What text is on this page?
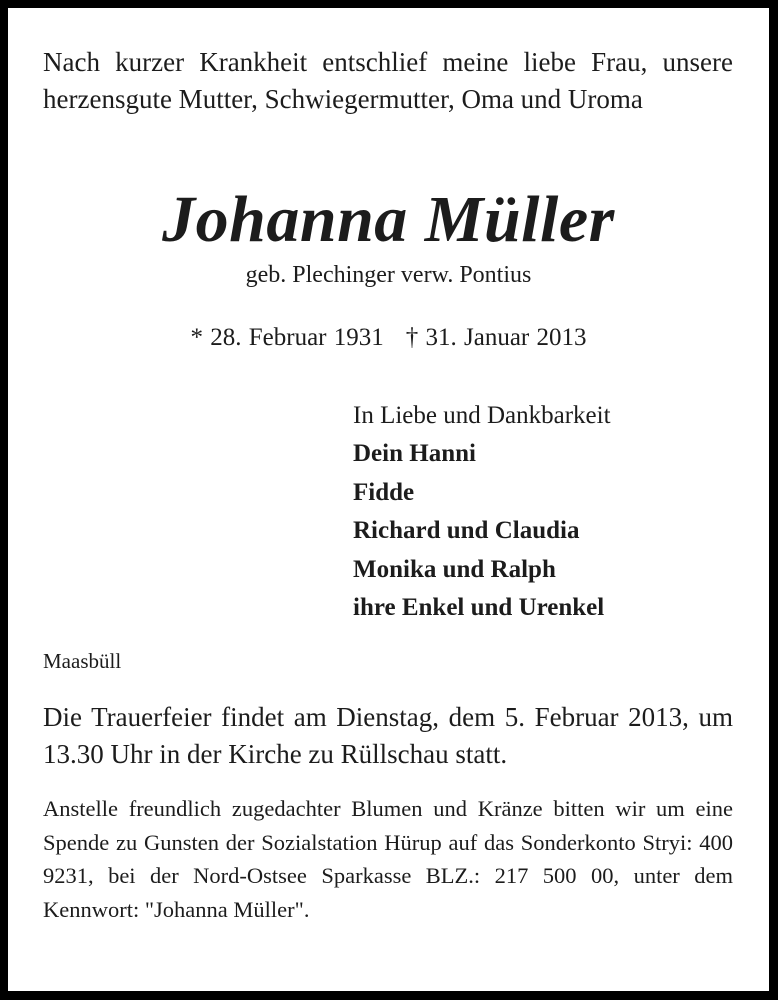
Nach kurzer Krankheit entschlief meine liebe Frau, unsere herzensgute Mutter, Schwiegermutter, Oma und Uroma

Johanna Müller
geb. Plechinger verw. Pontius
* 28. Februar 1931 † 31. Januar 2013
In Liebe und Dankbarkeit
Dein Hanni
Fidde
Richard und Claudia
Monika und Ralph
ihre Enkel und Urenkel
Maasbüll

Die Trauerfeier findet am Dienstag, dem 5. Februar 2013, um 13.30 Uhr in der Kirche zu Rüllschau statt.

Anstelle freundlich zugedachter Blumen und Kränze bitten wir um eine Spende zu Gunsten der Sozialstation Hürup auf das Sonderkonto Stryi: 400 9231, bei der Nord-Ostsee Sparkasse BLZ.: 217 500 00, unter dem Kennwort: "Johanna Müller".
